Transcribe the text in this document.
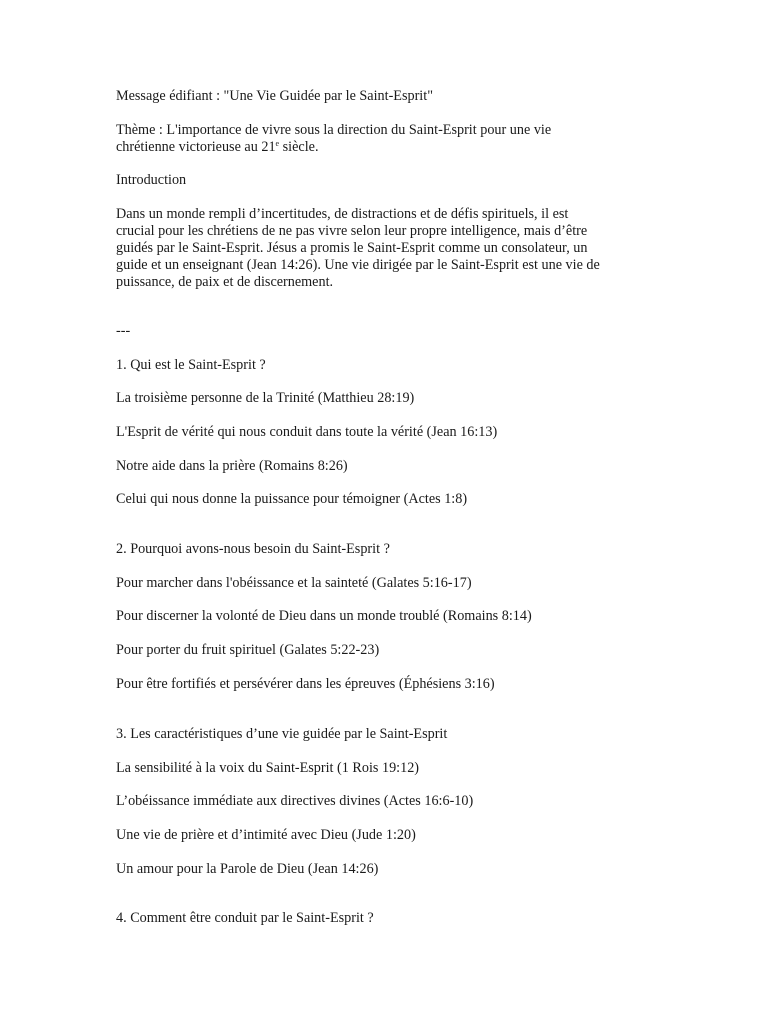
Message édifiant : "Une Vie Guidée par le Saint-Esprit"
Thème : L'importance de vivre sous la direction du Saint-Esprit pour une vie
chrétienne victorieuse au 21e siècle.
Introduction
Dans un monde rempli d’incertitudes, de distractions et de défis spirituels, il est
crucial pour les chrétiens de ne pas vivre selon leur propre intelligence, mais d’être
guidés par le Saint-Esprit. Jésus a promis le Saint-Esprit comme un consolateur, un
guide et un enseignant (Jean 14:26). Une vie dirigée par le Saint-Esprit est une vie de
puissance, de paix et de discernement.
---
1. Qui est le Saint-Esprit ?
La troisième personne de la Trinité (Matthieu 28:19)
L'Esprit de vérité qui nous conduit dans toute la vérité (Jean 16:13)
Notre aide dans la prière (Romains 8:26)
Celui qui nous donne la puissance pour témoigner (Actes 1:8)
2. Pourquoi avons-nous besoin du Saint-Esprit ?
Pour marcher dans l'obéissance et la sainteté (Galates 5:16-17)
Pour discerner la volonté de Dieu dans un monde troublé (Romains 8:14)
Pour porter du fruit spirituel (Galates 5:22-23)
Pour être fortifiés et persévérer dans les épreuves (Éphésiens 3:16)
3. Les caractéristiques d’une vie guidée par le Saint-Esprit
La sensibilité à la voix du Saint-Esprit (1 Rois 19:12)
L’obéissance immédiate aux directives divines (Actes 16:6-10)
Une vie de prière et d’intimité avec Dieu (Jude 1:20)
Un amour pour la Parole de Dieu (Jean 14:26)
4. Comment être conduit par le Saint-Esprit ?
